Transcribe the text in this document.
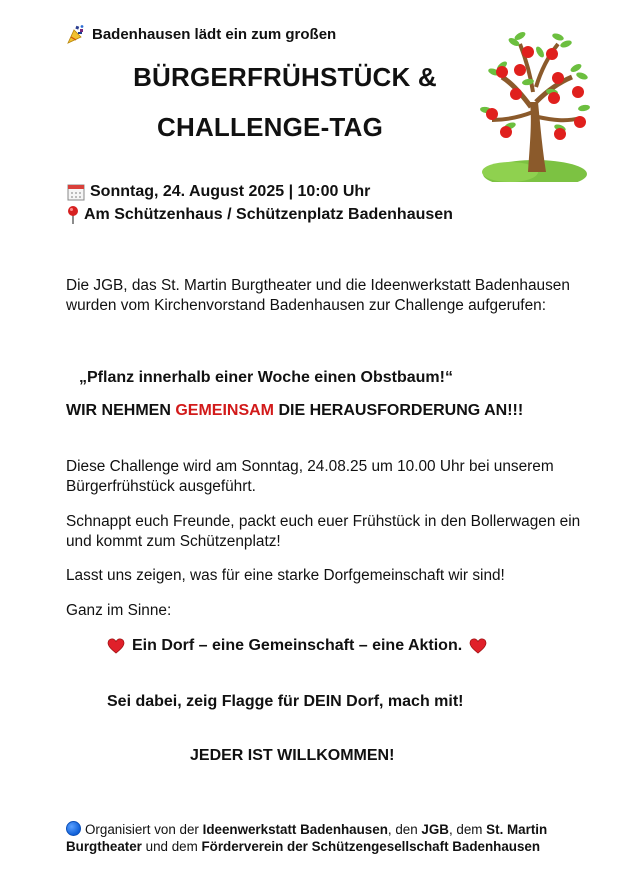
Badenhausen lädt ein zum großen
BÜRGERFRÜHSTÜCK &
CHALLENGE-TAG
Sonntag, 24. August 2025 | 10:00 Uhr
Am Schützenhaus / Schützenplatz Badenhausen

Die JGB, das St. Martin Burgtheater und die Ideenwerkstatt Badenhausen wurden vom Kirchenvorstand Badenhausen zur Challenge aufgerufen:

„Pflanz innerhalb einer Woche einen Obstbaum!“
WIR NEHMEN GEMEINSAM DIE HERAUSFORDERUNG AN!!!

Diese Challenge wird am Sonntag, 24.08.25 um 10.00 Uhr bei unserem Bürgerfrühstück ausgeführt.

Schnappt euch Freunde, packt euch euer Frühstück in den Bollerwagen ein und kommt zum Schützenplatz!

Lasst uns zeigen, was für eine starke Dorfgemeinschaft wir sind!

Ganz im Sinne:

Ein Dorf – eine Gemeinschaft – eine Aktion.
Sei dabei, zeig Flagge für DEIN Dorf, mach mit!
JEDER IST WILLKOMMEN!

Organisiert von der Ideenwerkstatt Badenhausen, den JGB, dem St. Martin Burgtheater und dem Förderverein der Schützengesellschaft Badenhausen
